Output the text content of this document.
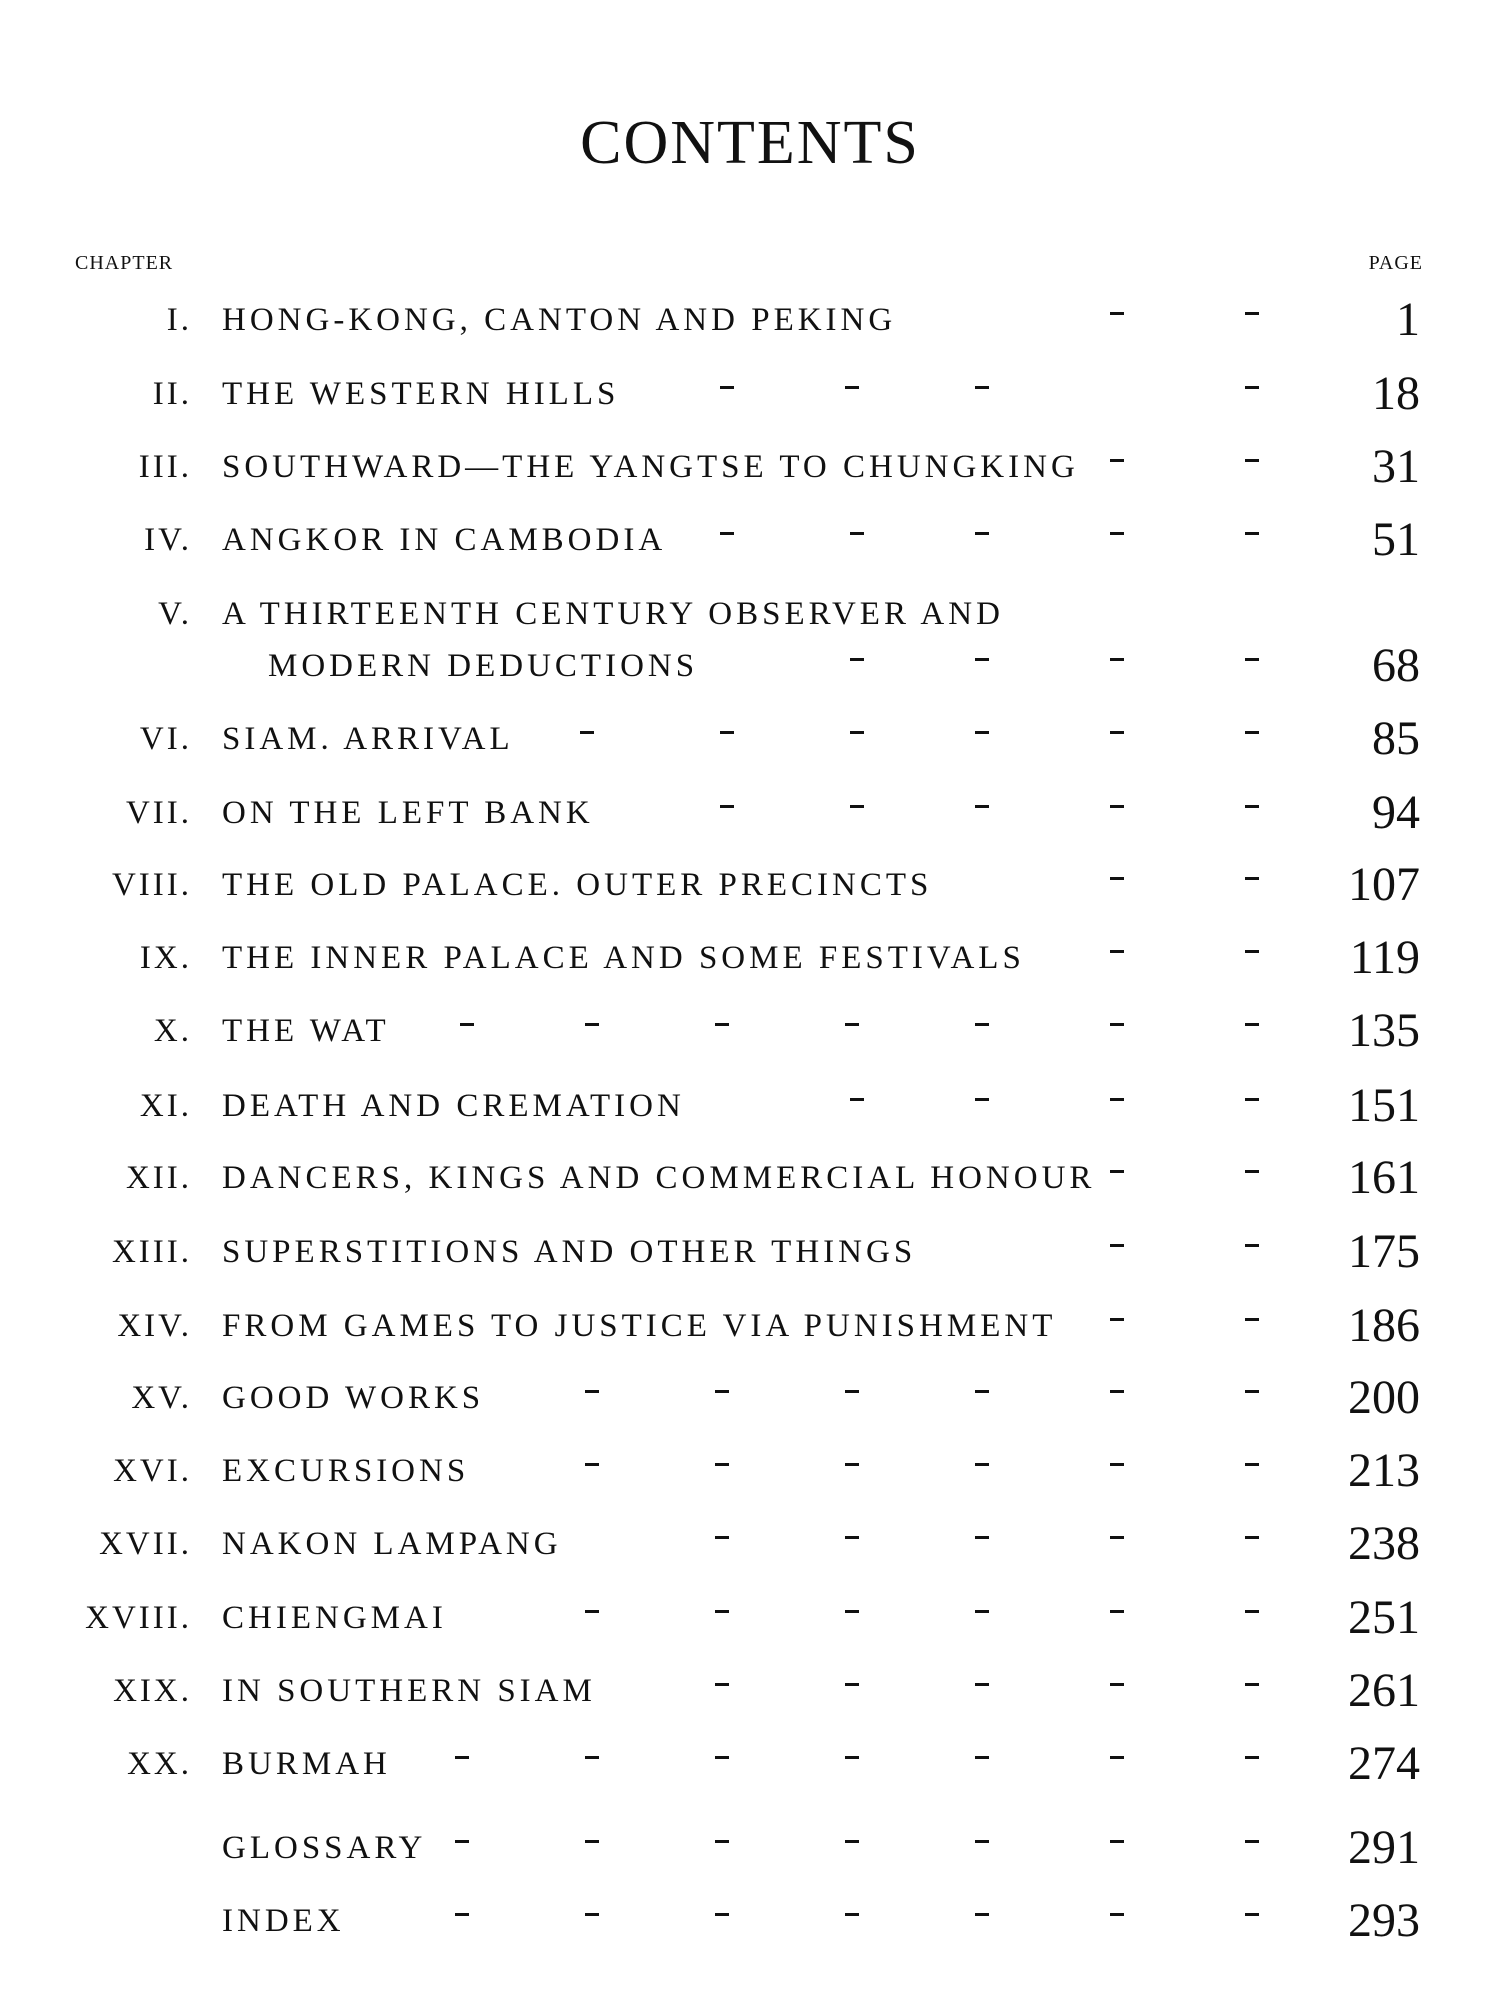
CONTENTS
CHAPTER	PAGE
I. HONG-KONG, CANTON AND PEKING	1
II. THE WESTERN HILLS	18
III. SOUTHWARD—THE YANGTSE TO CHUNGKING	31
IV. ANGKOR IN CAMBODIA	51
V. A THIRTEENTH CENTURY OBSERVER AND
MODERN DEDUCTIONS	68
VI. SIAM. ARRIVAL	85
VII. ON THE LEFT BANK	94
VIII. THE OLD PALACE. OUTER PRECINCTS	107
IX. THE INNER PALACE AND SOME FESTIVALS	119
X. THE WAT	135
XI. DEATH AND CREMATION	151
XII. DANCERS, KINGS AND COMMERCIAL HONOUR	161
XIII. SUPERSTITIONS AND OTHER THINGS	175
XIV. FROM GAMES TO JUSTICE VIA PUNISHMENT	186
XV. GOOD WORKS	200
XVI. EXCURSIONS	213
XVII. NAKON LAMPANG	238
XVIII. CHIENGMAI	251
XIX. IN SOUTHERN SIAM	261
XX. BURMAH	274
GLOSSARY	291
INDEX	293
